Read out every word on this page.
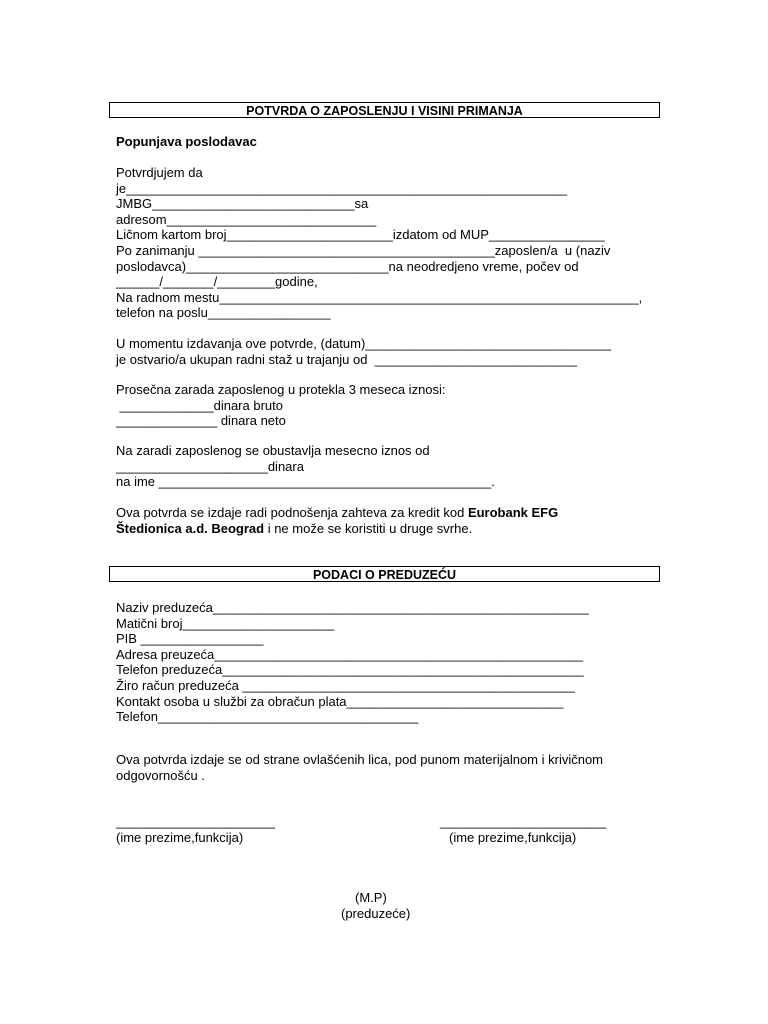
POTVRDA O ZAPOSLENJU I VISINI PRIMANJA
Popunjava poslodavac
Potvrdjujem da
je_____________________________________________________________
JMBG____________________________sa
adresom_____________________________
Ličnom kartom broj_______________________izdatom od MUP________________
Po zanimanju _________________________________________zaposlen/a  u (naziv
poslodavca)____________________________na neodredjeno vreme, počev od
______/_______/________godine,
Na radnom mestu__________________________________________________________,
telefon na poslu_________________
U momentu izdavanja ove potvrde, (datum)__________________________________
je ostvario/a ukupan radni staž u trajanju od  ____________________________
Prosečna zarada zaposlenog u protekla 3 meseca iznosi:
_____________dinara bruto
______________ dinara neto
Na zaradi zaposlenog se obustavlja mesecno iznos od
_____________________dinara
na ime ______________________________________________.
Ova potvrda se izdaje radi podnošenja zahteva za kredit kod Eurobank EFG
Štedionica a.d. Beograd i ne može se koristiti u druge svrhe.
PODACI O PREDUZEĆU
Naziv preduzeća____________________________________________________
Matični broj_____________________
PIB _________________
Adresa preuzeća___________________________________________________
Telefon preduzeća__________________________________________________
Žiro račun preduzeća ______________________________________________
Kontakt osoba u službi za obračun plata______________________________
Telefon____________________________________
Ova potvrda izdaje se od strane ovlašćenih lica, pod punom materijalnom i krivičnom
odgovornošću .
______________________
(ime prezime,funkcija)
_______________________
(ime prezime,funkcija)
(M.P)
(preduzeće)
